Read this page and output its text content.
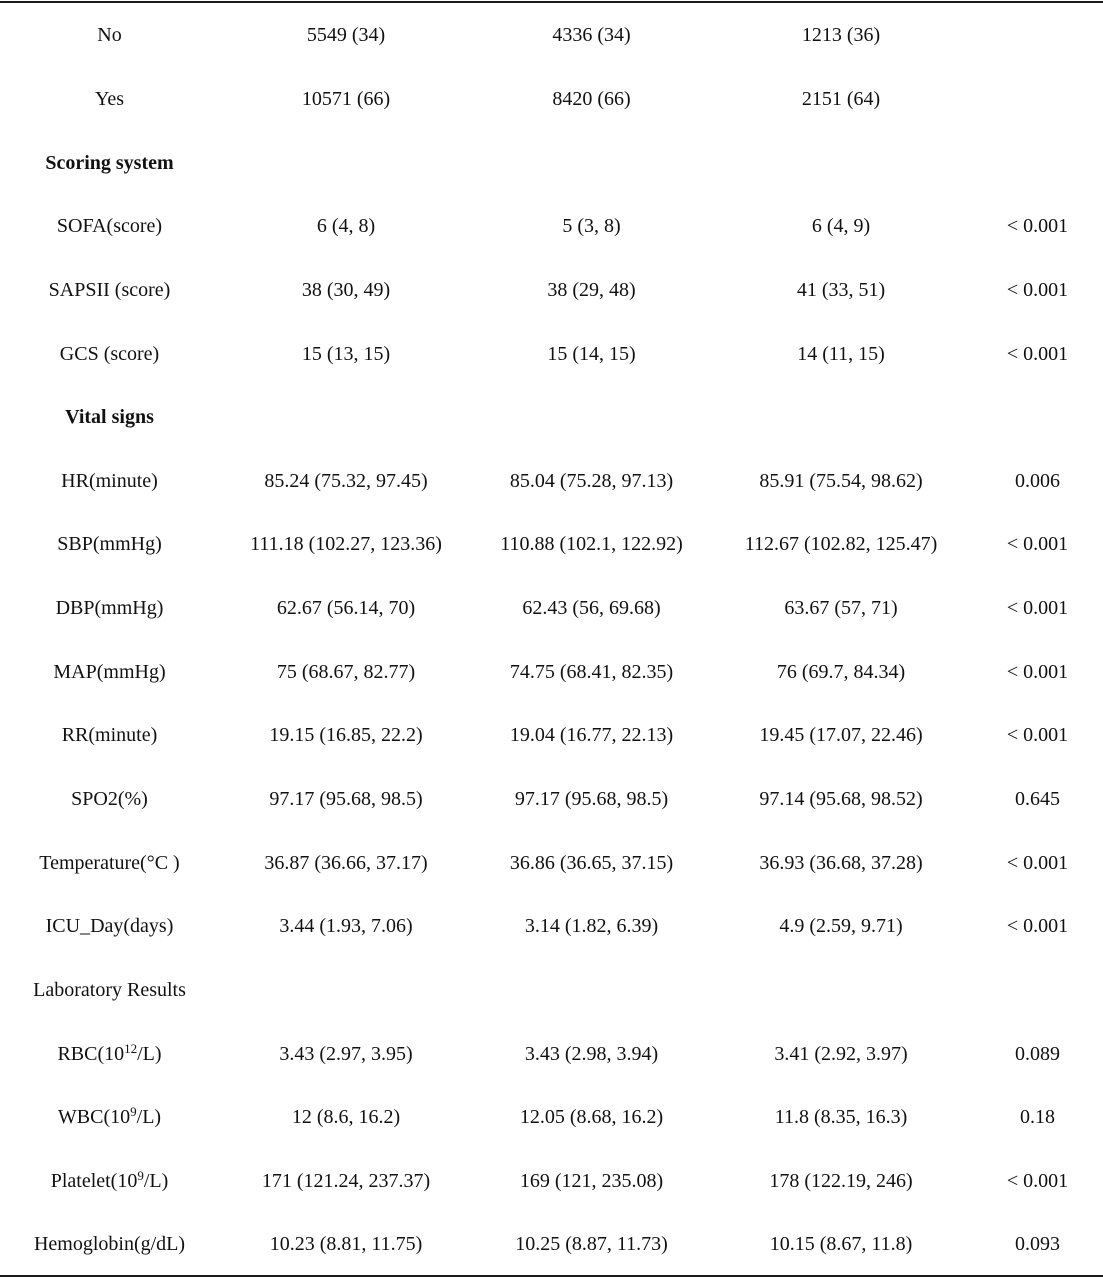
No	5549 (34)	4336 (34)	1213 (36)	
Yes	10571 (66)	8420 (66)	2151 (64)	
Scoring system				
SOFA(score)	6 (4, 8)	5 (3, 8)	6 (4, 9)	< 0.001
SAPSII (score)	38 (30, 49)	38 (29, 48)	41 (33, 51)	< 0.001
GCS (score)	15 (13, 15)	15 (14, 15)	14 (11, 15)	< 0.001
Vital signs				
HR(minute)	85.24 (75.32, 97.45)	85.04 (75.28, 97.13)	85.91 (75.54, 98.62)	0.006
SBP(mmHg)	111.18 (102.27, 123.36)	110.88 (102.1, 122.92)	112.67 (102.82, 125.47)	< 0.001
DBP(mmHg)	62.67 (56.14, 70)	62.43 (56, 69.68)	63.67 (57, 71)	< 0.001
MAP(mmHg)	75 (68.67, 82.77)	74.75 (68.41, 82.35)	76 (69.7, 84.34)	< 0.001
RR(minute)	19.15 (16.85, 22.2)	19.04 (16.77, 22.13)	19.45 (17.07, 22.46)	< 0.001
SPO2(%)	97.17 (95.68, 98.5)	97.17 (95.68, 98.5)	97.14 (95.68, 98.52)	0.645
Temperature(°C )	36.87 (36.66, 37.17)	36.86 (36.65, 37.15)	36.93 (36.68, 37.28)	< 0.001
ICU_Day(days)	3.44 (1.93, 7.06)	3.14 (1.82, 6.39)	4.9 (2.59, 9.71)	< 0.001
Laboratory Results				
$RBC(10^{12}/L)$	3.43 (2.97, 3.95)	3.43 (2.98, 3.94)	3.41 (2.92, 3.97)	0.089
$WBC(10^9/L)$	12 (8.6, 16.2)	12.05 (8.68, 16.2)	11.8 (8.35, 16.3)	0.18
$Platelet(10^9/L)$	171 (121.24, 237.37)	169 (121, 235.08)	178 (122.19, 246)	< 0.001
Hemoglobin(g/dL)	10.23 (8.81, 11.75)	10.25 (8.87, 11.73)	10.15 (8.67, 11.8)	0.093
